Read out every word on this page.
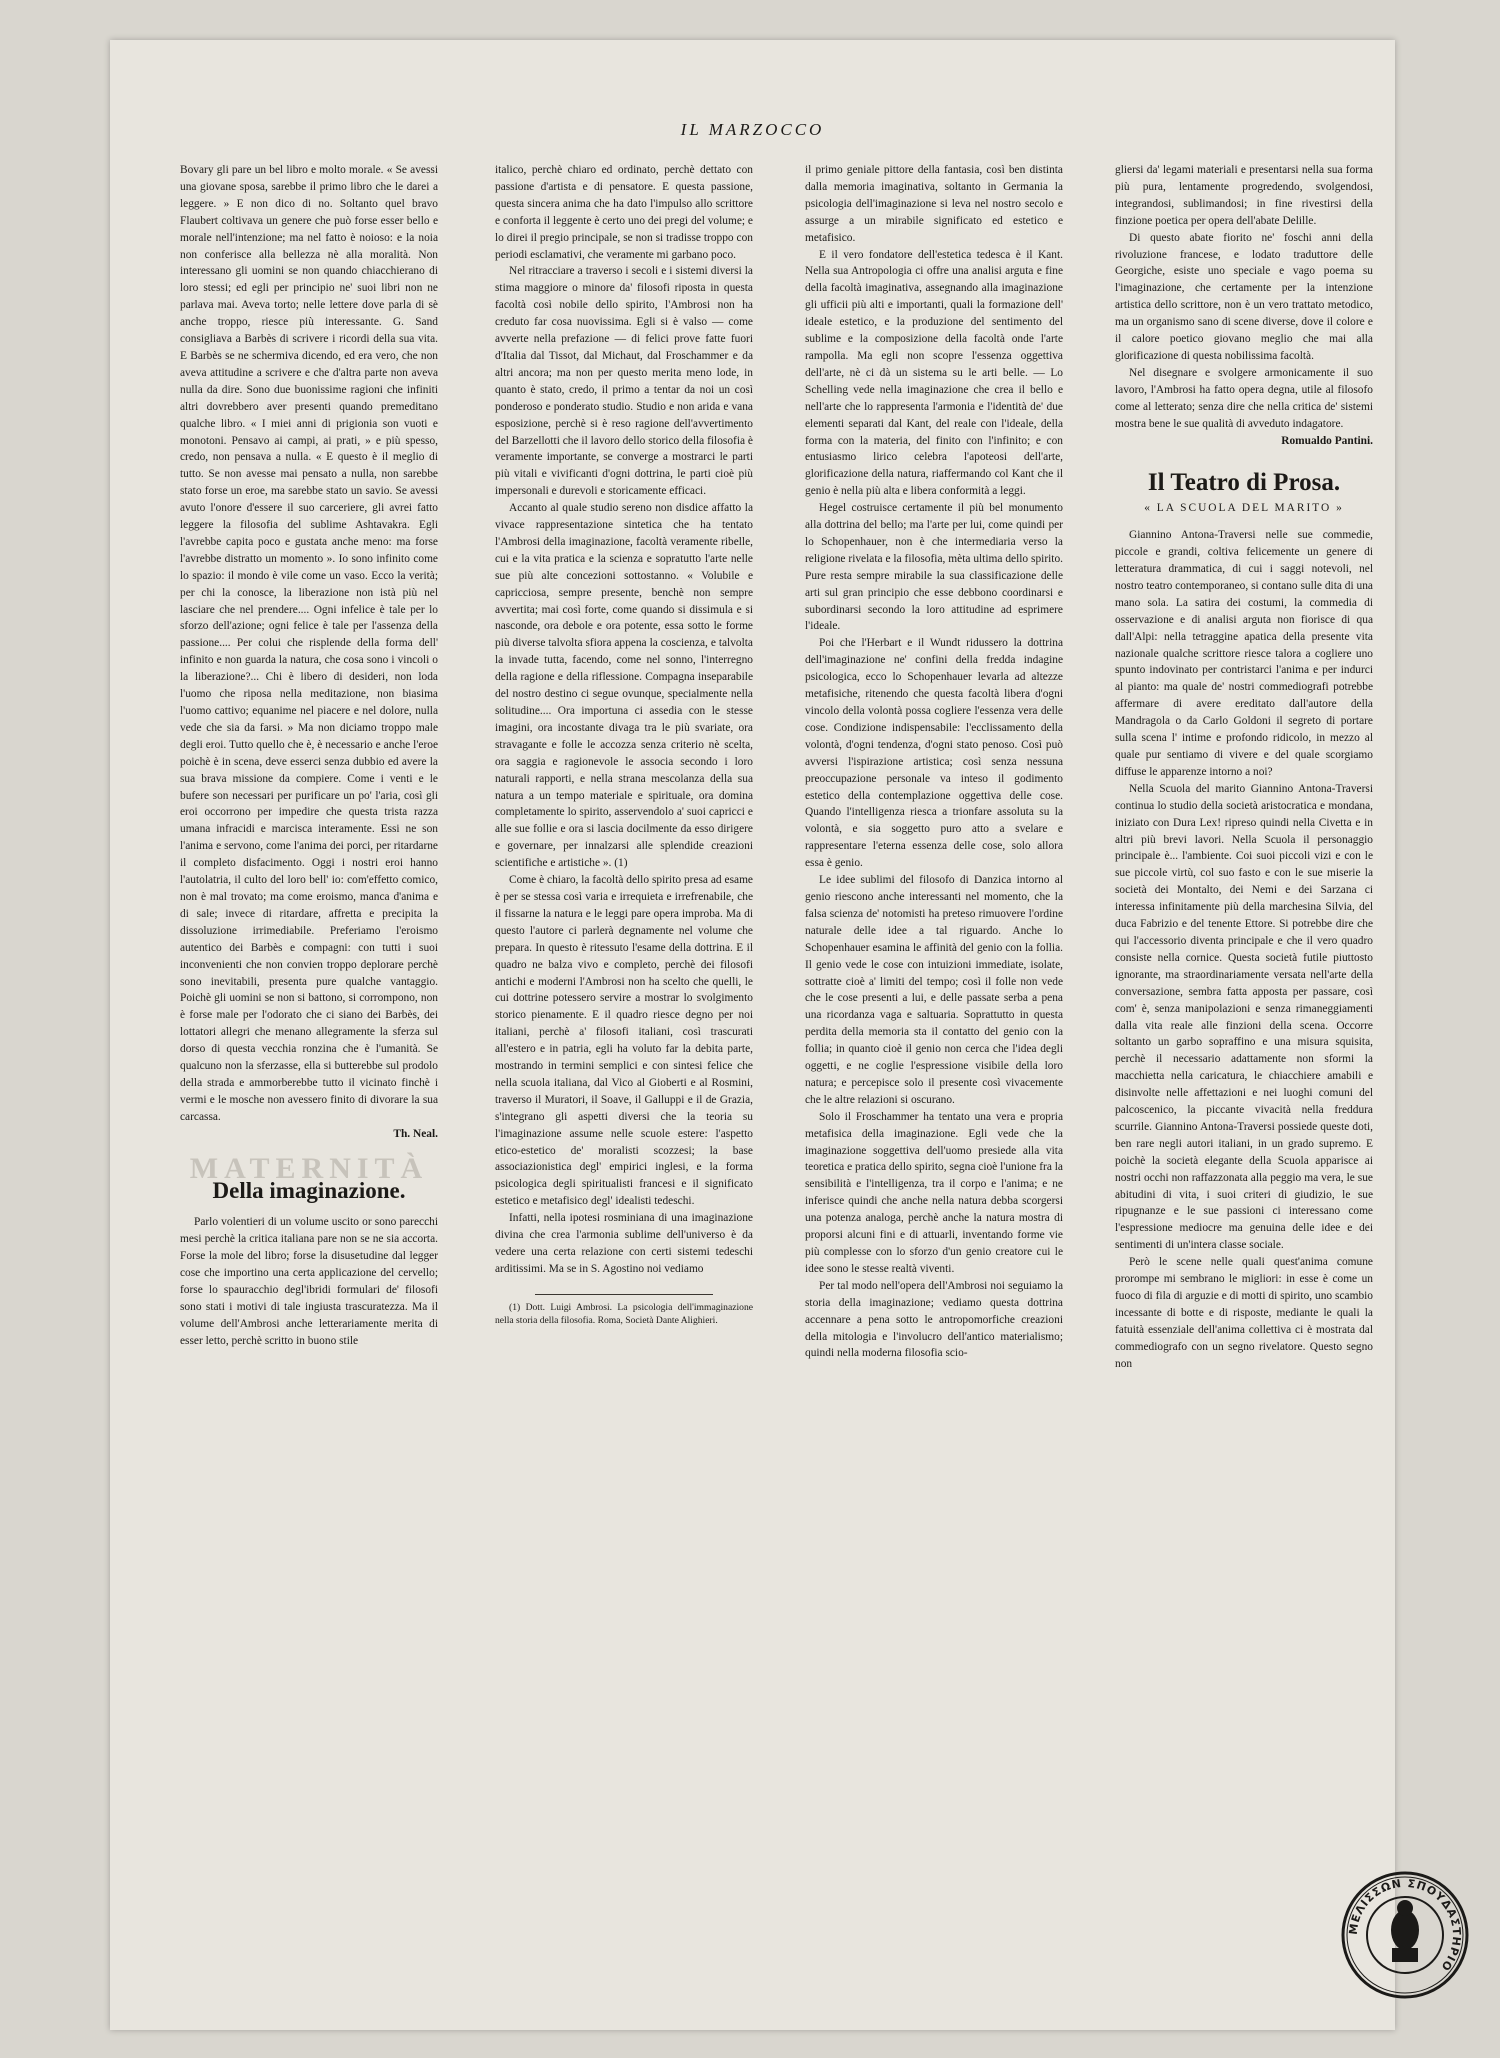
IL MARZOCCO

Bovary gli pare un bel libro e molto morale. « Se avessi una giovane sposa, sarebbe il primo libro che le darei a leggere. » E non dico di no. Soltanto quel bravo Flaubert coltivava un genere che può forse esser bello e morale nell'intenzione; ma nel fatto è noioso: e la noia non conferisce alla bellezza nè alla moralità. Non interessano gli uomini se non quando chiacchierano di loro stessi; ed egli per principio ne' suoi libri non ne parlava mai. Aveva torto; nelle lettere dove parla di sè anche troppo, riesce più interessante. G. Sand consigliava a Barbès di scrivere i ricordi della sua vita. E Barbès se ne schermiva dicendo, ed era vero, che non aveva attitudine a scrivere e che d'altra parte non aveva nulla da dire. Sono due buonissime ragioni che infiniti altri dovrebbero aver presenti quando premeditano qualche libro. « I miei anni di prigionia son vuoti e monotoni. Pensavo ai campi, ai prati, » e più spesso, credo, non pensava a nulla. « E questo è il meglio di tutto. Se non avesse mai pensato a nulla, non sarebbe stato forse un eroe, ma sarebbe stato un savio. Se avessi avuto l'onore d'essere il suo carceriere, gli avrei fatto leggere la filosofia del sublime Ashtavakra. Egli l'avrebbe capita poco e gustata anche meno: ma forse l'avrebbe distratto un momento ». Io sono infinito come lo spazio: il mondo è vile come un vaso. Ecco la verità; per chi la conosce, la liberazione non istà più nel lasciare che nel prendere.... Ogni infelice è tale per lo sforzo dell'azione; ogni felice è tale per l'assenza della passione.... Per colui che risplende della forma dell' infinito e non guarda la natura, che cosa sono i vincoli o la liberazione?... Chi è libero di desideri, non loda l'uomo che riposa nella meditazione, non biasima l'uomo cattivo; equanime nel piacere e nel dolore, nulla vede che sia da farsi. » Ma non diciamo troppo male degli eroi. Tutto quello che è, è necessario e anche l'eroe poichè è in scena, deve esserci senza dubbio ed avere la sua brava missione da compiere. Come i venti e le bufere son necessari per purificare un po' l'aria, così gli eroi occorrono per impedire che questa trista razza umana infracidi e marcisca interamente. Essi ne son l'anima e servono, come l'anima dei porci, per ritardarne il completo disfacimento. Oggi i nostri eroi hanno l'autolatria, il culto del loro bell' io: com'effetto comico, non è mal trovato; ma come eroismo, manca d'anima e di sale; invece di ritardare, affretta e precipita la dissoluzione irrimediabile. Preferiamo l'eroismo autentico dei Barbès e compagni: con tutti i suoi inconvenienti che non convien troppo deplorare perchè sono inevitabili, presenta pure qualche vantaggio. Poichè gli uomini se non si battono, si corrompono, non è forse male per l'odorato che ci siano dei Barbès, dei lottatori allegri che menano allegramente la sferza sul dorso di questa vecchia ronzina che è l'umanità. Se qualcuno non la sferzasse, ella si butterebbe sul prodolo della strada e ammorberebbe tutto il vicinato finchè i vermi e le mosche non avessero finito di divorare la sua carcassa.

Th. Neal.

MATERNITÀ
Della imaginazione.

Parlo volentieri di un volume uscito or sono parecchi mesi perchè la critica italiana pare non se ne sia accorta. Forse la mole del libro; forse la disusetudine dal legger cose che importino una certa applicazione del cervello; forse lo spauracchio degl'ibridi formulari de' filosofi sono stati i motivi di tale ingiusta trascuratezza. Ma il volume dell'Ambrosi anche letterariamente merita di esser letto, perchè scritto in buono stile

italico, perchè chiaro ed ordinato, perchè dettato con passione d'artista e di pensatore. E questa passione, questa sincera anima che ha dato l'impulso allo scrittore e conforta il leggente è certo uno dei pregi del volume; e lo direi il pregio principale, se non si tradisse troppo con periodi esclamativi, che veramente mi garbano poco.

Nel ritracciare a traverso i secoli e i sistemi diversi la stima maggiore o minore da' filosofi riposta in questa facoltà così nobile dello spirito, l'Ambrosi non ha creduto far cosa nuovissima. Egli si è valso — come avverte nella prefazione — di felici prove fatte fuori d'Italia dal Tissot, dal Michaut, dal Froschammer e da altri ancora; ma non per questo merita meno lode, in quanto è stato, credo, il primo a tentar da noi un così ponderoso e ponderato studio. Studio e non arida e vana esposizione, perchè si è reso ragione dell'avvertimento del Barzellotti che il lavoro dello storico della filosofia è veramente importante, se converge a mostrarci le parti più vitali e vivificanti d'ogni dottrina, le parti cioè più impersonali e durevoli e storicamente efficaci.

Accanto al quale studio sereno non disdice affatto la vivace rappresentazione sintetica che ha tentato l'Ambrosi della imaginazione, facoltà veramente ribelle, cui e la vita pratica e la scienza e sopratutto l'arte nelle sue più alte concezioni sottostanno. « Volubile e capricciosa, sempre presente, benchè non sempre avvertita; mai così forte, come quando si dissimula e si nasconde, ora debole e ora potente, essa sotto le forme più diverse talvolta sfiora appena la coscienza, e talvolta la invade tutta, facendo, come nel sonno, l'interregno della ragione e della riflessione. Compagna inseparabile del nostro destino ci segue ovunque, specialmente nella solitudine.... Ora importuna ci assedia con le stesse imagini, ora incostante divaga tra le più svariate, ora stravagante e folle le accozza senza criterio nè scelta, ora saggia e ragionevole le associa secondo i loro naturali rapporti, e nella strana mescolanza della sua natura a un tempo materiale e spirituale, ora domina completamente lo spirito, asservendolo a' suoi capricci e alle sue follie e ora si lascia docilmente da esso dirigere e governare, per innalzarsi alle splendide creazioni scientifiche e artistiche ». (1)

Come è chiaro, la facoltà dello spirito presa ad esame è per se stessa così varia e irrequieta e irrefrenabile, che il fissarne la natura e le leggi pare opera improba. Ma di questo l'autore ci parlerà degnamente nel volume che prepara. In questo è ritessuto l'esame della dottrina. E il quadro ne balza vivo e completo, perchè dei filosofi antichi e moderni l'Ambrosi non ha scelto che quelli, le cui dottrine potessero servire a mostrar lo svolgimento storico pienamente. E il quadro riesce degno per noi italiani, perchè a' filosofi italiani, così trascurati all'estero e in patria, egli ha voluto far la debita parte, mostrando in termini semplici e con sintesi felice che nella scuola italiana, dal Vico al Gioberti e al Rosmini, traverso il Muratori, il Soave, il Galluppi e il de Grazia, s'integrano gli aspetti diversi che la teoria su l'imaginazione assume nelle scuole estere: l'aspetto etico-estetico de' moralisti scozzesi; la base associazionistica degl' empirici inglesi, e la forma psicologica degli spiritualisti francesi e il significato estetico e metafisico degl' idealisti tedeschi.

Infatti, nella ipotesi rosminiana di una imaginazione divina che crea l'armonia sublime dell'universo è da vedere una certa relazione con certi sistemi tedeschi arditissimi. Ma se in S. Agostino noi vediamo

(1) Dott. Luigi Ambrosi. La psicologia dell'immaginazione nella storia della filosofia. Roma, Società Dante Alighieri.

il primo geniale pittore della fantasia, così ben distinta dalla memoria imaginativa, soltanto in Germania la psicologia dell'imaginazione si leva nel nostro secolo e assurge a un mirabile significato ed estetico e metafisico.

E il vero fondatore dell'estetica tedesca è il Kant. Nella sua Antropologia ci offre una analisi arguta e fine della facoltà imaginativa, assegnando alla imaginazione gli ufficii più alti e importanti, quali la formazione dell' ideale estetico, e la produzione del sentimento del sublime e la composizione della facoltà onde l'arte rampolla. Ma egli non scopre l'essenza oggettiva dell'arte, nè ci dà un sistema su le arti belle. — Lo Schelling vede nella imaginazione che crea il bello e nell'arte che lo rappresenta l'armonia e l'identità de' due elementi separati dal Kant, del reale con l'ideale, della forma con la materia, del finito con l'infinito; e con entusiasmo lirico celebra l'apoteosi dell'arte, glorificazione della natura, riaffermando col Kant che il genio è nella più alta e libera conformità a leggi.

Hegel costruisce certamente il più bel monumento alla dottrina del bello; ma l'arte per lui, come quindi per lo Schopenhauer, non è che intermediaria verso la religione rivelata e la filosofia, mèta ultima dello spirito. Pure resta sempre mirabile la sua classificazione delle arti sul gran principio che esse debbono coordinarsi e subordinarsi secondo la loro attitudine ad esprimere l'ideale.

Poi che l'Herbart e il Wundt ridussero la dottrina dell'imaginazione ne' confini della fredda indagine psicologica, ecco lo Schopenhauer levarla ad altezze metafisiche, ritenendo che questa facoltà libera d'ogni vincolo della volontà possa cogliere l'essenza vera delle cose. Condizione indispensabile: l'ecclissamento della volontà, d'ogni tendenza, d'ogni stato penoso. Così può avversi l'ispirazione artistica; così senza nessuna preoccupazione personale va inteso il godimento estetico della contemplazione oggettiva delle cose. Quando l'intelligenza riesca a trionfare assoluta su la volontà, e sia soggetto puro atto a svelare e rappresentare l'eterna essenza delle cose, solo allora essa è genio.

Le idee sublimi del filosofo di Danzica intorno al genio riescono anche interessanti nel momento, che la falsa scienza de' notomisti ha preteso rimuovere l'ordine naturale delle idee a tal riguardo. Anche lo Schopenhauer esamina le affinità del genio con la follia. Il genio vede le cose con intuizioni immediate, isolate, sottratte cioè a' limiti del tempo; così il folle non vede che le cose presenti a lui, e delle passate serba a pena una ricordanza vaga e saltuaria. Soprattutto in questa perdita della memoria sta il contatto del genio con la follia; in quanto cioè il genio non cerca che l'idea degli oggetti, e ne coglie l'espressione visibile della loro natura; e percepisce solo il presente così vivacemente che le altre relazioni si oscurano.

Solo il Froschammer ha tentato una vera e propria metafisica della imaginazione. Egli vede che la imaginazione soggettiva dell'uomo presiede alla vita teoretica e pratica dello spirito, segna cioè l'unione fra la sensibilità e l'intelligenza, tra il corpo e l'anima; e ne inferisce quindi che anche nella natura debba scorgersi una potenza analoga, perchè anche la natura mostra di proporsi alcuni fini e di attuarli, inventando forme vie più complesse con lo sforzo d'un genio creatore cui le idee sono le stesse realtà viventi.

Per tal modo nell'opera dell'Ambrosi noi seguiamo la storia della imaginazione; vediamo questa dottrina accennare a pena sotto le antropomorfiche creazioni della mitologia e l'involucro dell'antico materialismo; quindi nella moderna filosofia scio-

gliersi da' legami materiali e presentarsi nella sua forma più pura, lentamente progredendo, svolgendosi, integrandosi, sublimandosi; in fine rivestirsi della finzione poetica per opera dell'abate Delille.

Di questo abate fiorito ne' foschi anni della rivoluzione francese, e lodato traduttore delle Georgiche, esiste uno speciale e vago poema su l'imaginazione, che certamente per la intenzione artistica dello scrittore, non è un vero trattato metodico, ma un organismo sano di scene diverse, dove il colore e il calore poetico giovano meglio che mai alla glorificazione di questa nobilissima facoltà.

Nel disegnare e svolgere armonicamente il suo lavoro, l'Ambrosi ha fatto opera degna, utile al filosofo come al letterato; senza dire che nella critica de' sistemi mostra bene le sue qualità di avveduto indagatore.

Romualdo Pantini.

Il Teatro di Prosa.
« LA SCUOLA DEL MARITO »

Giannino Antona-Traversi nelle sue commedie, piccole e grandi, coltiva felicemente un genere di letteratura drammatica, di cui i saggi notevoli, nel nostro teatro contemporaneo, si contano sulle dita di una mano sola. La satira dei costumi, la commedia di osservazione e di analisi arguta non fiorisce di qua dall'Alpi: nella tetraggine apatica della presente vita nazionale qualche scrittore riesce talora a cogliere uno spunto indovinato per contristarci l'anima e per indurci al pianto: ma quale de' nostri commediografi potrebbe affermare di avere ereditato dall'autore della Mandragola o da Carlo Goldoni il segreto di portare sulla scena l' intime e profondo ridicolo, in mezzo al quale pur sentiamo di vivere e del quale scorgiamo diffuse le apparenze intorno a noi?

Nella Scuola del marito Giannino Antona-Traversi continua lo studio della società aristocratica e mondana, iniziato con Dura Lex! ripreso quindi nella Civetta e in altri più brevi lavori. Nella Scuola il personaggio principale è... l'ambiente. Coi suoi piccoli vizi e con le sue piccole virtù, col suo fasto e con le sue miserie la società dei Montalto, dei Nemi e dei Sarzana ci interessa infinitamente più della marchesina Silvia, del duca Fabrizio e del tenente Ettore. Si potrebbe dire che qui l'accessorio diventa principale e che il vero quadro consiste nella cornice. Questa società futile piuttosto ignorante, ma straordinariamente versata nell'arte della conversazione, sembra fatta apposta per passare, così com' è, senza manipolazioni e senza rimaneggiamenti dalla vita reale alle finzioni della scena. Occorre soltanto un garbo sopraffino e una misura squisita, perchè il necessario adattamente non sformi la macchietta nella caricatura, le chiacchiere amabili e disinvolte nelle affettazioni e nei luoghi comuni del palcoscenico, la piccante vivacità nella freddura scurrile. Giannino Antona-Traversi possiede queste doti, ben rare negli autori italiani, in un grado supremo. E poichè la società elegante della Scuola apparisce ai nostri occhi non raffazzonata alla peggio ma vera, le sue abitudini di vita, i suoi criteri di giudizio, le sue ripugnanze e le sue passioni ci interessano come l'espressione mediocre ma genuina delle idee e dei sentimenti di un'intera classe sociale.

Però le scene nelle quali quest'anima comune prorompe mi sembrano le migliori: in esse è come un fuoco di fila di arguzie e di motti di spirito, uno scambio incessante di botte e di risposte, mediante le quali la fatuità essenziale dell'anima collettiva ci è mostrata dal commediografo con un segno rivelatore. Questo segno non

ΜΕΛΙΣΣΩΝ ΣΠΟΥΔΑΣΤΗΡΙΟ
